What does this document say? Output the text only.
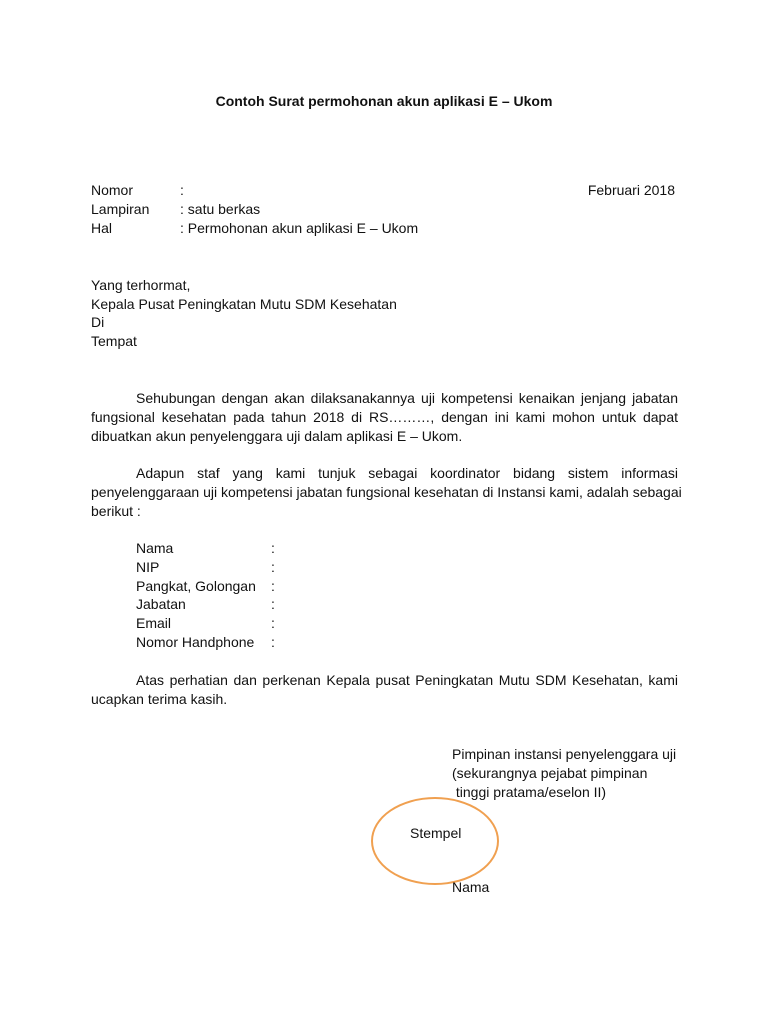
Contoh Surat permohonan akun aplikasi E – Ukom
Nomor	:
Lampiran : satu berkas
Hal	: Permohonan akun aplikasi E – Ukom
Februari 2018
Yang terhormat,
Kepala Pusat Peningkatan Mutu SDM Kesehatan
Di
Tempat
Sehubungan dengan akan dilaksanakannya uji kompetensi kenaikan jenjang jabatan
fungsional kesehatan pada tahun 2018 di RS………, dengan ini kami mohon untuk dapat
dibuatkan akun penyelenggara uji dalam aplikasi E – Ukom.
Adapun staf yang kami tunjuk sebagai koordinator bidang sistem informasi
penyelenggaraan uji kompetensi jabatan fungsional kesehatan di Instansi kami, adalah sebagai
berikut :
Nama	:
NIP	:
Pangkat, Golongan :
Jabatan	:
Email	:
Nomor Handphone :
Atas perhatian dan perkenan Kepala pusat Peningkatan Mutu SDM Kesehatan, kami
ucapkan terima kasih.
Pimpinan instansi penyelenggara uji
(sekurangnya pejabat pimpinan
tinggi pratama/eselon II)
Stempel
Nama
